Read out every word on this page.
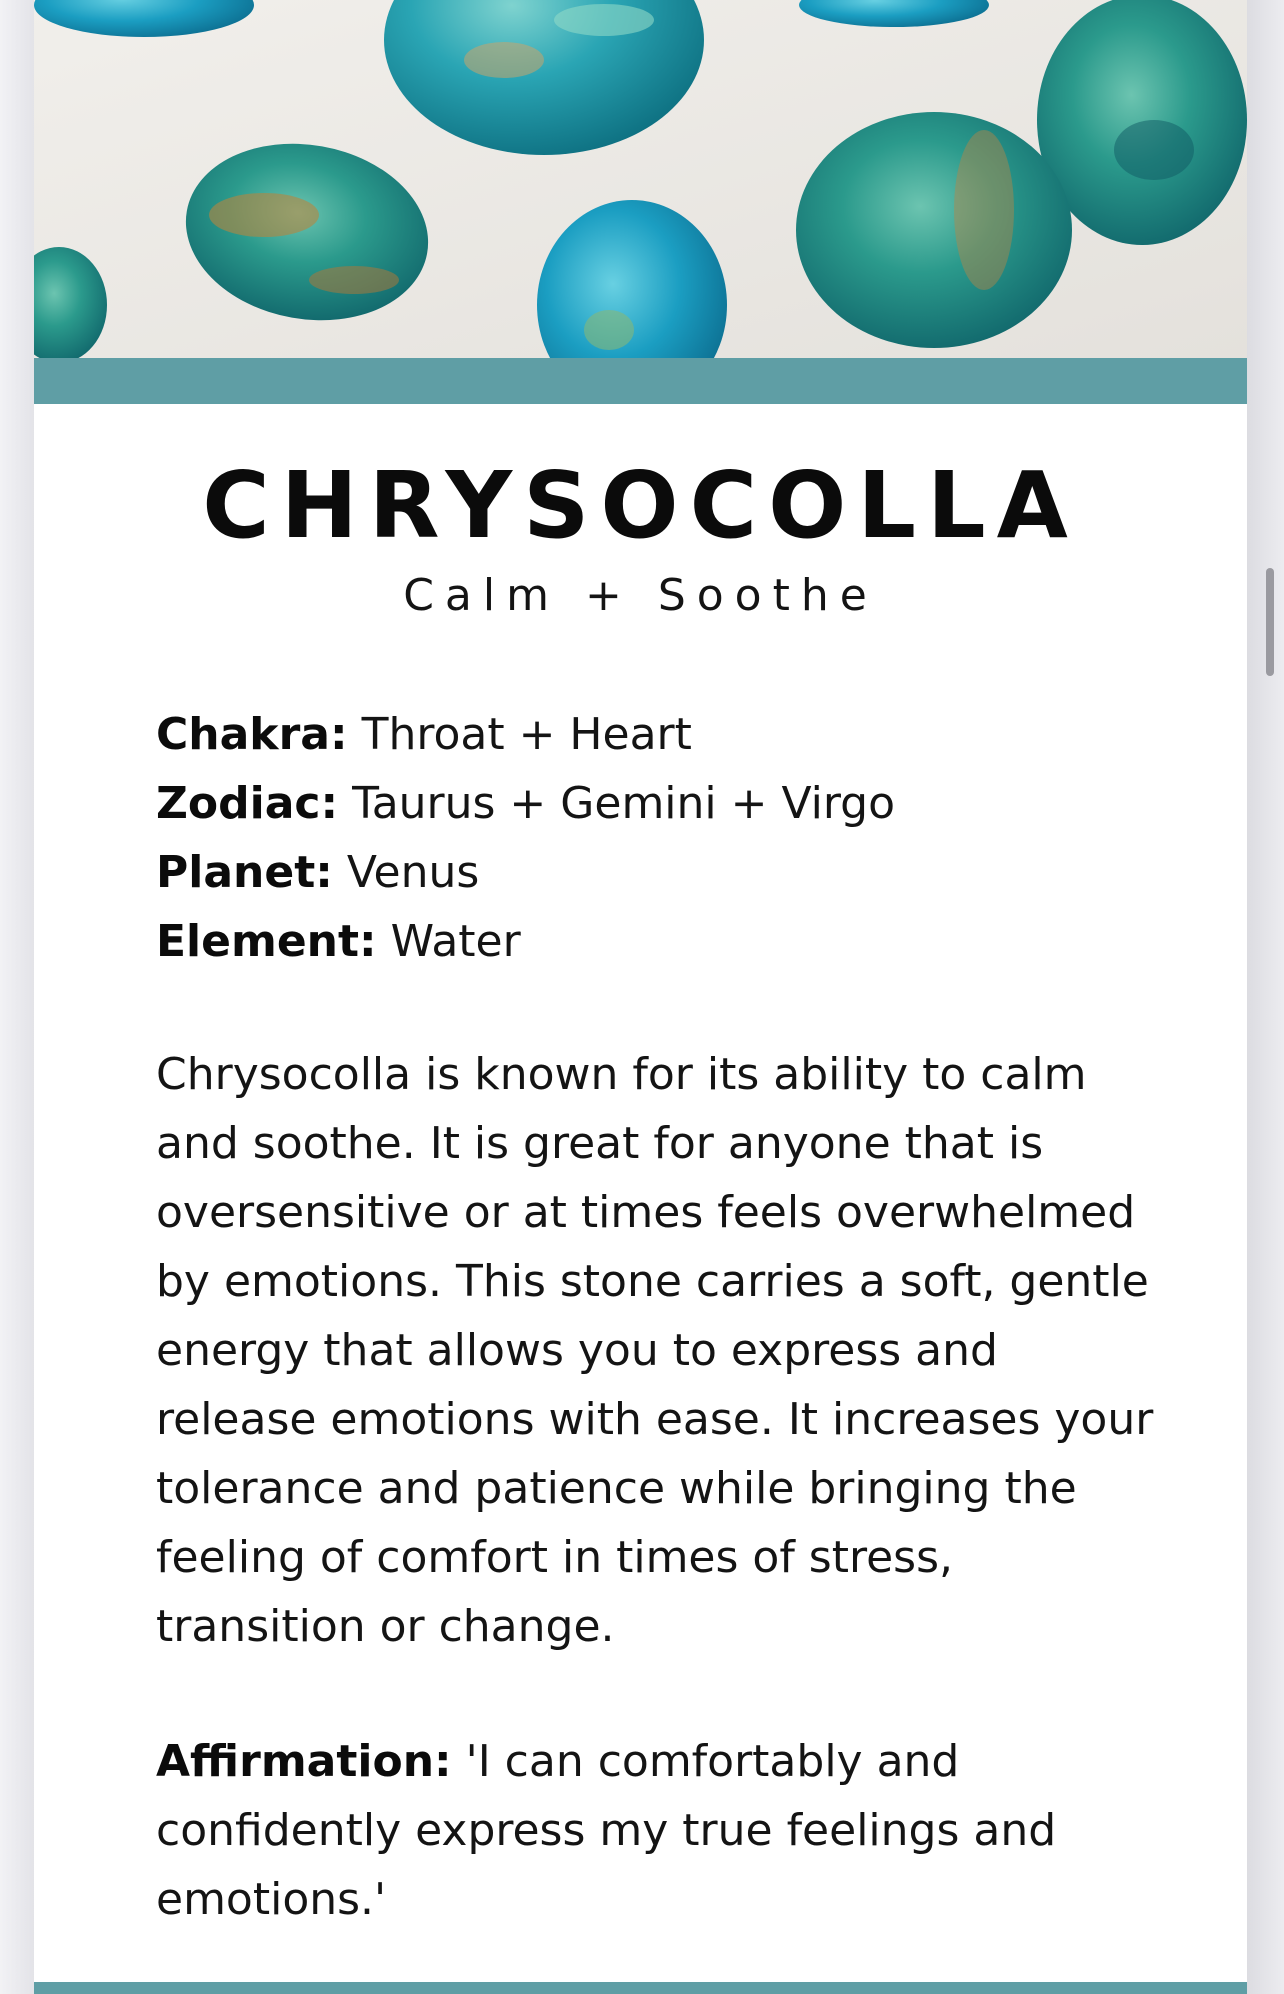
CHRYSOCOLLA
Calm + Soothe
Chakra: Throat + Heart
Zodiac: Taurus + Gemini + Virgo
Planet: Venus
Element: Water
Chrysocolla is known for its ability to calm and soothe. It is great for anyone that is oversensitive or at times feels overwhelmed by emotions. This stone carries a soft, gentle energy that allows you to express and release emotions with ease. It increases your tolerance and patience while bringing the feeling of comfort in times of stress, transition or change.
Affirmation: 'I can comfortably and confidently express my true feelings and emotions.'
